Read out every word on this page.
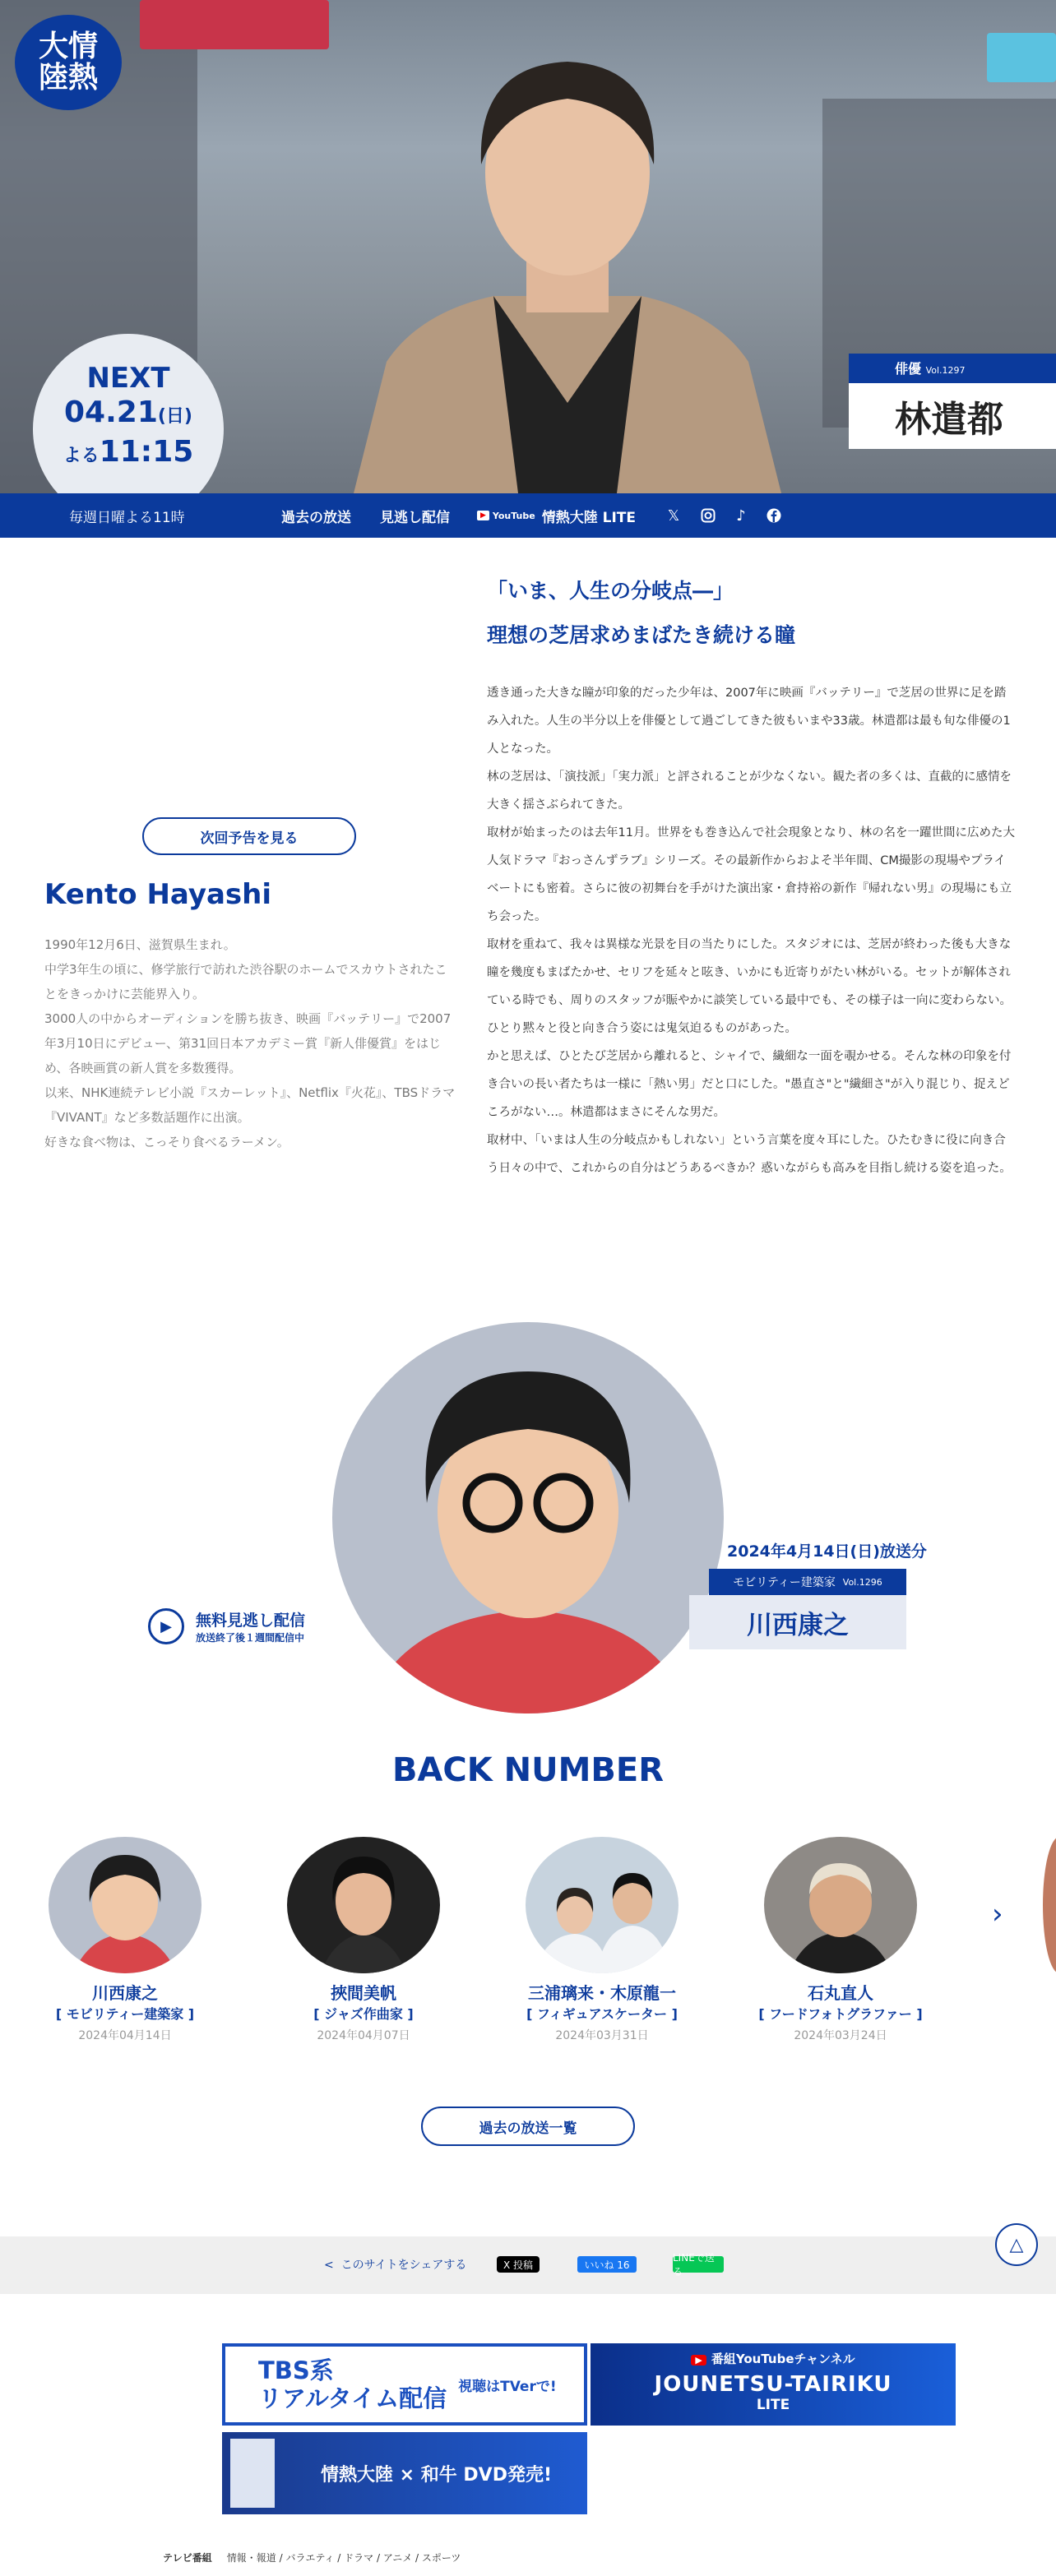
大情
陸熱
NEXT
04.21(日)
よる11:15
俳優 Vol.1297
林遣都
毎週日曜よる11時	過去の放送 見逃し配信	▶ YouTube 情熱大陸 LITE 𝕏	♪
「いま、人生の分岐点―」
理想の芝居求めまばたき続ける瞳

透き通った大きな瞳が印象的だった少年は、2007年に映画『バッテリー』で芝居の世界に足を踏み入れた。人生の半分以上を俳優として過ごしてきた彼もいまや33歳。林遣都は最も旬な俳優の1人となった。

林の芝居は、「演技派」「実力派」と評されることが少なくない。観た者の多くは、直截的に感情を大きく揺さぶられてきた。

取材が始まったのは去年11月。世界をも巻き込んで社会現象となり、林の名を一躍世間に広めた大人気ドラマ『おっさんずラブ』シリーズ。その最新作からおよそ半年間、CM撮影の現場やプライベートにも密着。さらに彼の初舞台を手がけた演出家・倉持裕の新作『帰れない男』の現場にも立ち会った。

取材を重ねて、我々は異様な光景を目の当たりにした。スタジオには、芝居が終わった後も大きな瞳を幾度もまばたかせ、セリフを延々と呟き、いかにも近寄りがたい林がいる。セットが解体されている時でも、周りのスタッフが賑やかに談笑している最中でも、その様子は一向に変わらない。ひとり黙々と役と向き合う姿には鬼気迫るものがあった。

かと思えば、ひとたび芝居から離れると、シャイで、繊細な一面を覗かせる。そんな林の印象を付き合いの長い者たちは一様に「熱い男」だと口にした。"愚直さ"と"繊細さ"が入り混じり、捉えどころがない…。林遣都はまさにそんな男だ。

取材中、「いまは人生の分岐点かもしれない」という言葉を度々耳にした。ひたむきに役に向き合う日々の中で、これからの自分はどうあるべきか？惑いながらも高みを目指し続ける姿を追った。

次回予告を見る
Kento Hayashi

1990年12月6日、滋賀県生まれ。

中学3年生の頃に、修学旅行で訪れた渋谷駅のホームでスカウトされたことをきっかけに芸能界入り。

3000人の中からオーディションを勝ち抜き、映画『バッテリー』で2007年3月10日にデビュー、第31回日本アカデミー賞『新人俳優賞』をはじめ、各映画賞の新人賞を多数獲得。

以来、NHK連続テレビ小説『スカーレット』、Netflix『火花』、TBSドラマ『VIVANT』など多数話題作に出演。

好きな食べ物は、こっそり食べるラーメン。

▶	無料見逃し配信
放送終了後１週間配信中
2024年4月14日(日)放送分
モビリティー建築家
Vol.1296
川西康之
BACK NUMBER
川西康之
[ モビリティー建築家 ]
2024年04月14日
挾間美帆
[ ジャズ作曲家 ]
2024年04月07日
三浦璃来・木原龍一
[ フィギュアスケーター ]
2024年03月31日
石丸直人
[ フードフォトグラファー ]
2024年03月24日
›
過去の放送一覧
< このサイトをシェアする	X 投稿	いいね 16
LINEで送る
△
TBS系
リアルタイム配信 視聴はTVerで!
▶ 番組YouTubeチャンネル
JOUNETSU-TAIRIKU
LITE
情熱大陸 × 和牛 DVD発売!
テレビ番組 情報・報道 / バラエティ / ドラマ / アニメ / スポーツ
